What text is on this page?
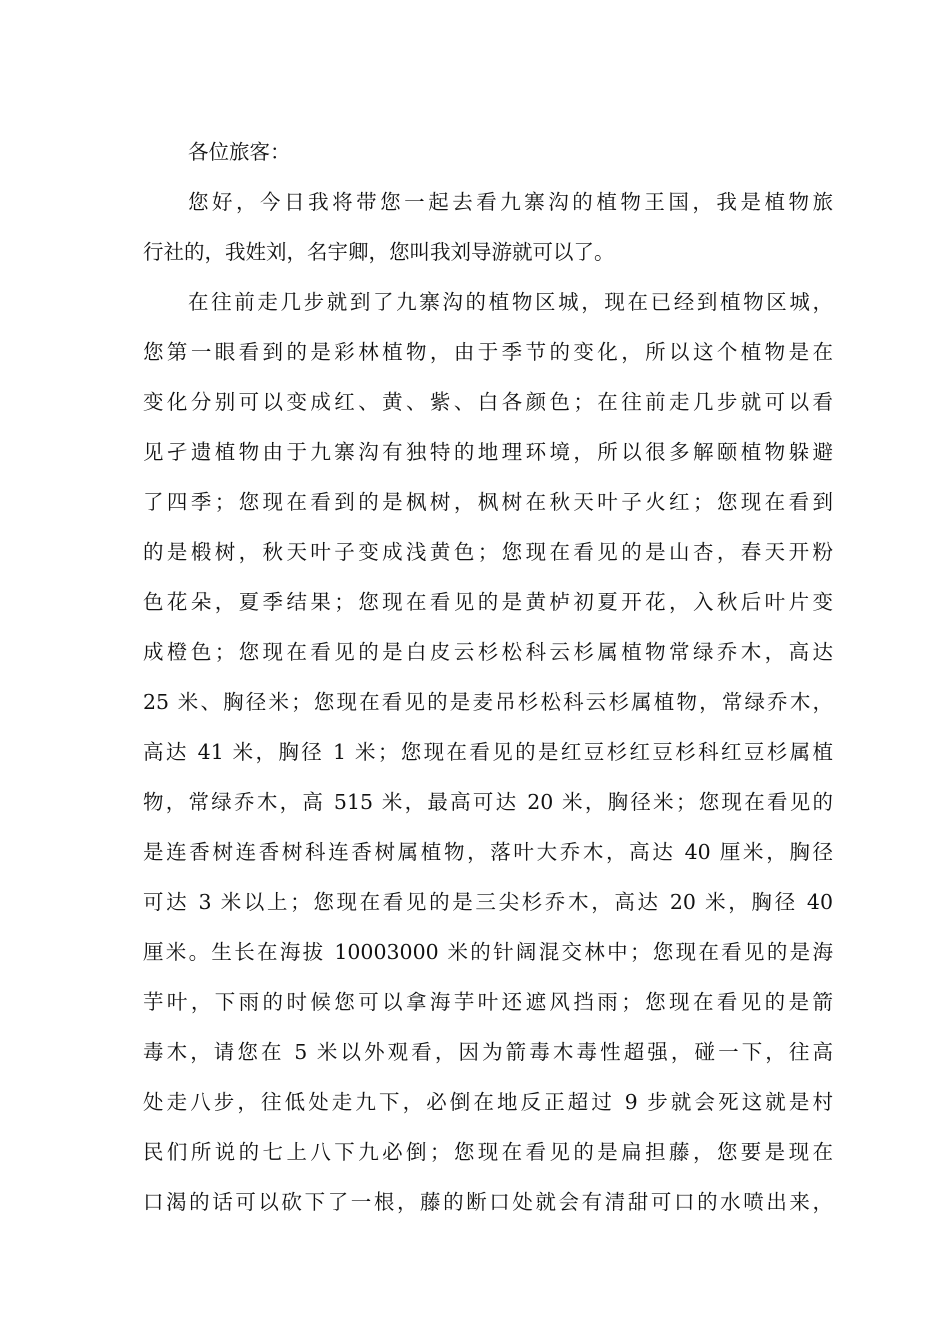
各位旅客：
您好，今日我将带您一起去看九寨沟的植物王国，我是植物旅
行社的，我姓刘，名宇卿，您叫我刘导游就可以了。
在往前走几步就到了九寨沟的植物区城，现在已经到植物区城，
您第一眼看到的是彩林植物，由于季节的变化，所以这个植物是在
变化分别可以变成红、黄、紫、白各颜色；在往前走几步就可以看
见孑遗植物由于九寨沟有独特的地理环境，所以很多解颐植物躲避
了四季；您现在看到的是枫树，枫树在秋天叶子火红；您现在看到
的是椴树，秋天叶子变成浅黄色；您现在看见的是山杏，春天开粉
色花朵，夏季结果；您现在看见的是黄栌初夏开花，入秋后叶片变
成橙色；您现在看见的是白皮云杉松科云杉属植物常绿乔木，高达
25 米、胸径米；您现在看见的是麦吊杉松科云杉属植物，常绿乔木，
高达 41 米，胸径 1 米；您现在看见的是红豆杉红豆杉科红豆杉属植
物，常绿乔木，高 515 米，最高可达 20 米，胸径米；您现在看见的
是连香树连香树科连香树属植物，落叶大乔木，高达 40 厘米，胸径
可达 3 米以上；您现在看见的是三尖杉乔木，高达 20 米，胸径 40
厘米。生长在海拔 10003000 米的针阔混交林中；您现在看见的是海
芋叶，下雨的时候您可以拿海芋叶还遮风挡雨；您现在看见的是箭
毒木，请您在 5 米以外观看，因为箭毒木毒性超强，碰一下，往高
处走八步，往低处走九下，必倒在地反正超过 9 步就会死这就是村
民们所说的七上八下九必倒；您现在看见的是扁担藤，您要是现在
口渴的话可以砍下了一根，藤的断口处就会有清甜可口的水喷出来，
